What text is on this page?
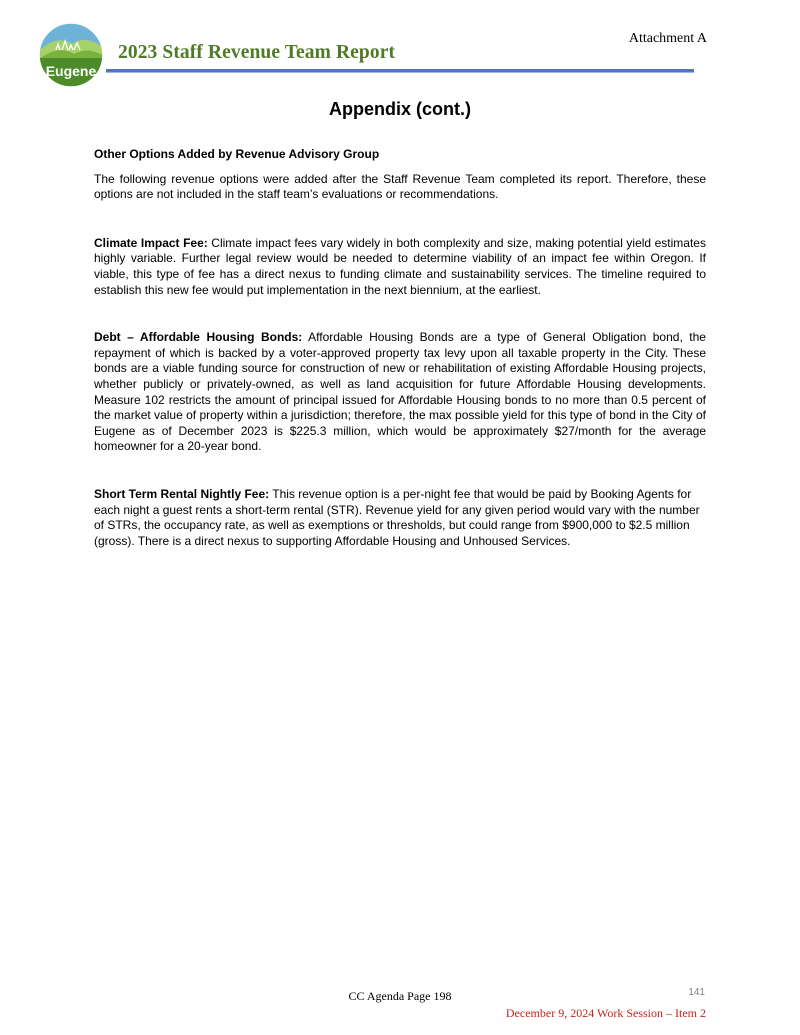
Attachment A
Eugene
2023 Staff Revenue Team Report
Appendix (cont.)
Other Options Added by Revenue Advisory Group

The following revenue options were added after the Staff Revenue Team completed its report. Therefore, these options are not included in the staff team’s evaluations or recommendations.

Climate Impact Fee: Climate impact fees vary widely in both complexity and size, making potential yield estimates highly variable. Further legal review would be needed to determine viability of an impact fee within Oregon. If viable, this type of fee has a direct nexus to funding climate and sustainability services. The timeline required to establish this new fee would put implementation in the next biennium, at the earliest.

Debt – Affordable Housing Bonds: Affordable Housing Bonds are a type of General Obligation bond, the repayment of which is backed by a voter-approved property tax levy upon all taxable property in the City. These bonds are a viable funding source for construction of new or rehabilitation of existing Affordable Housing projects, whether publicly or privately-owned, as well as land acquisition for future Affordable Housing developments. Measure 102 restricts the amount of principal issued for Affordable Housing bonds to no more than 0.5 percent of the market value of property within a jurisdiction; therefore, the max possible yield for this type of bond in the City of Eugene as of December 2023 is $225.3 million, which would be approximately $27/month for the average homeowner for a 20-year bond.

Short Term Rental Nightly Fee: This revenue option is a per-night fee that would be paid by Booking Agents for each night a guest rents a short-term rental (STR). Revenue yield for any given period would vary with the number of STRs, the occupancy rate, as well as exemptions or thresholds, but could range from $900,000 to $2.5 million (gross). There is a direct nexus to supporting Affordable Housing and Unhoused Services.

CC Agenda Page 198	141
December 9, 2024 Work Session – Item 2
